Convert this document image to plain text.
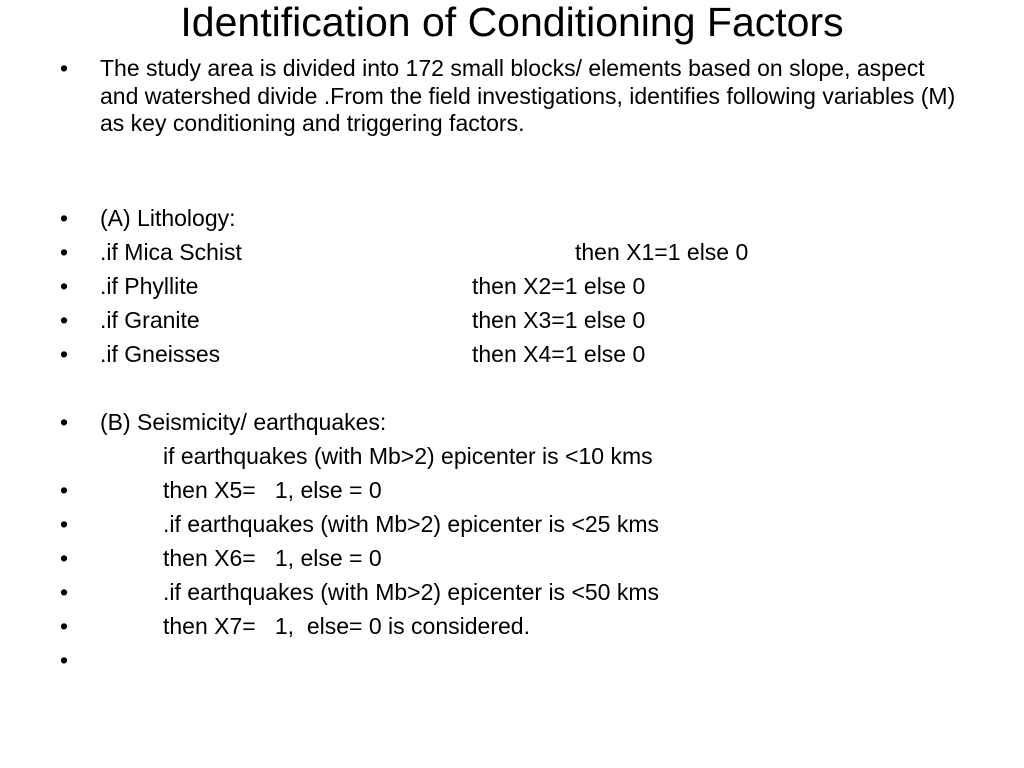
Identification of Conditioning Factors

• The study area is divided into 172 small blocks/ elements based on slope, aspect and watershed divide .From the field investigations, identifies following variables (M) as key conditioning and triggering factors.

•

(A) Lithology:

•

.if Mica Schist

	then X1=1 else 0

•

.if Phyllite

	then X2=1 else 0

•

.if Granite

	then X3=1 else 0

•

.if Gneisses

	then X4=1 else 0

•

(B) Seismicity/ earthquakes:

if earthquakes (with Mb>2) epicenter is <10 kms

•

	then X5=   1, else = 0

•

	.if earthquakes (with Mb>2) epicenter is <25 kms

•

	then X6=   1, else = 0

•

	.if earthquakes (with Mb>2) epicenter is <50 kms

•

	then X7=   1,  else= 0 is considered.

•
